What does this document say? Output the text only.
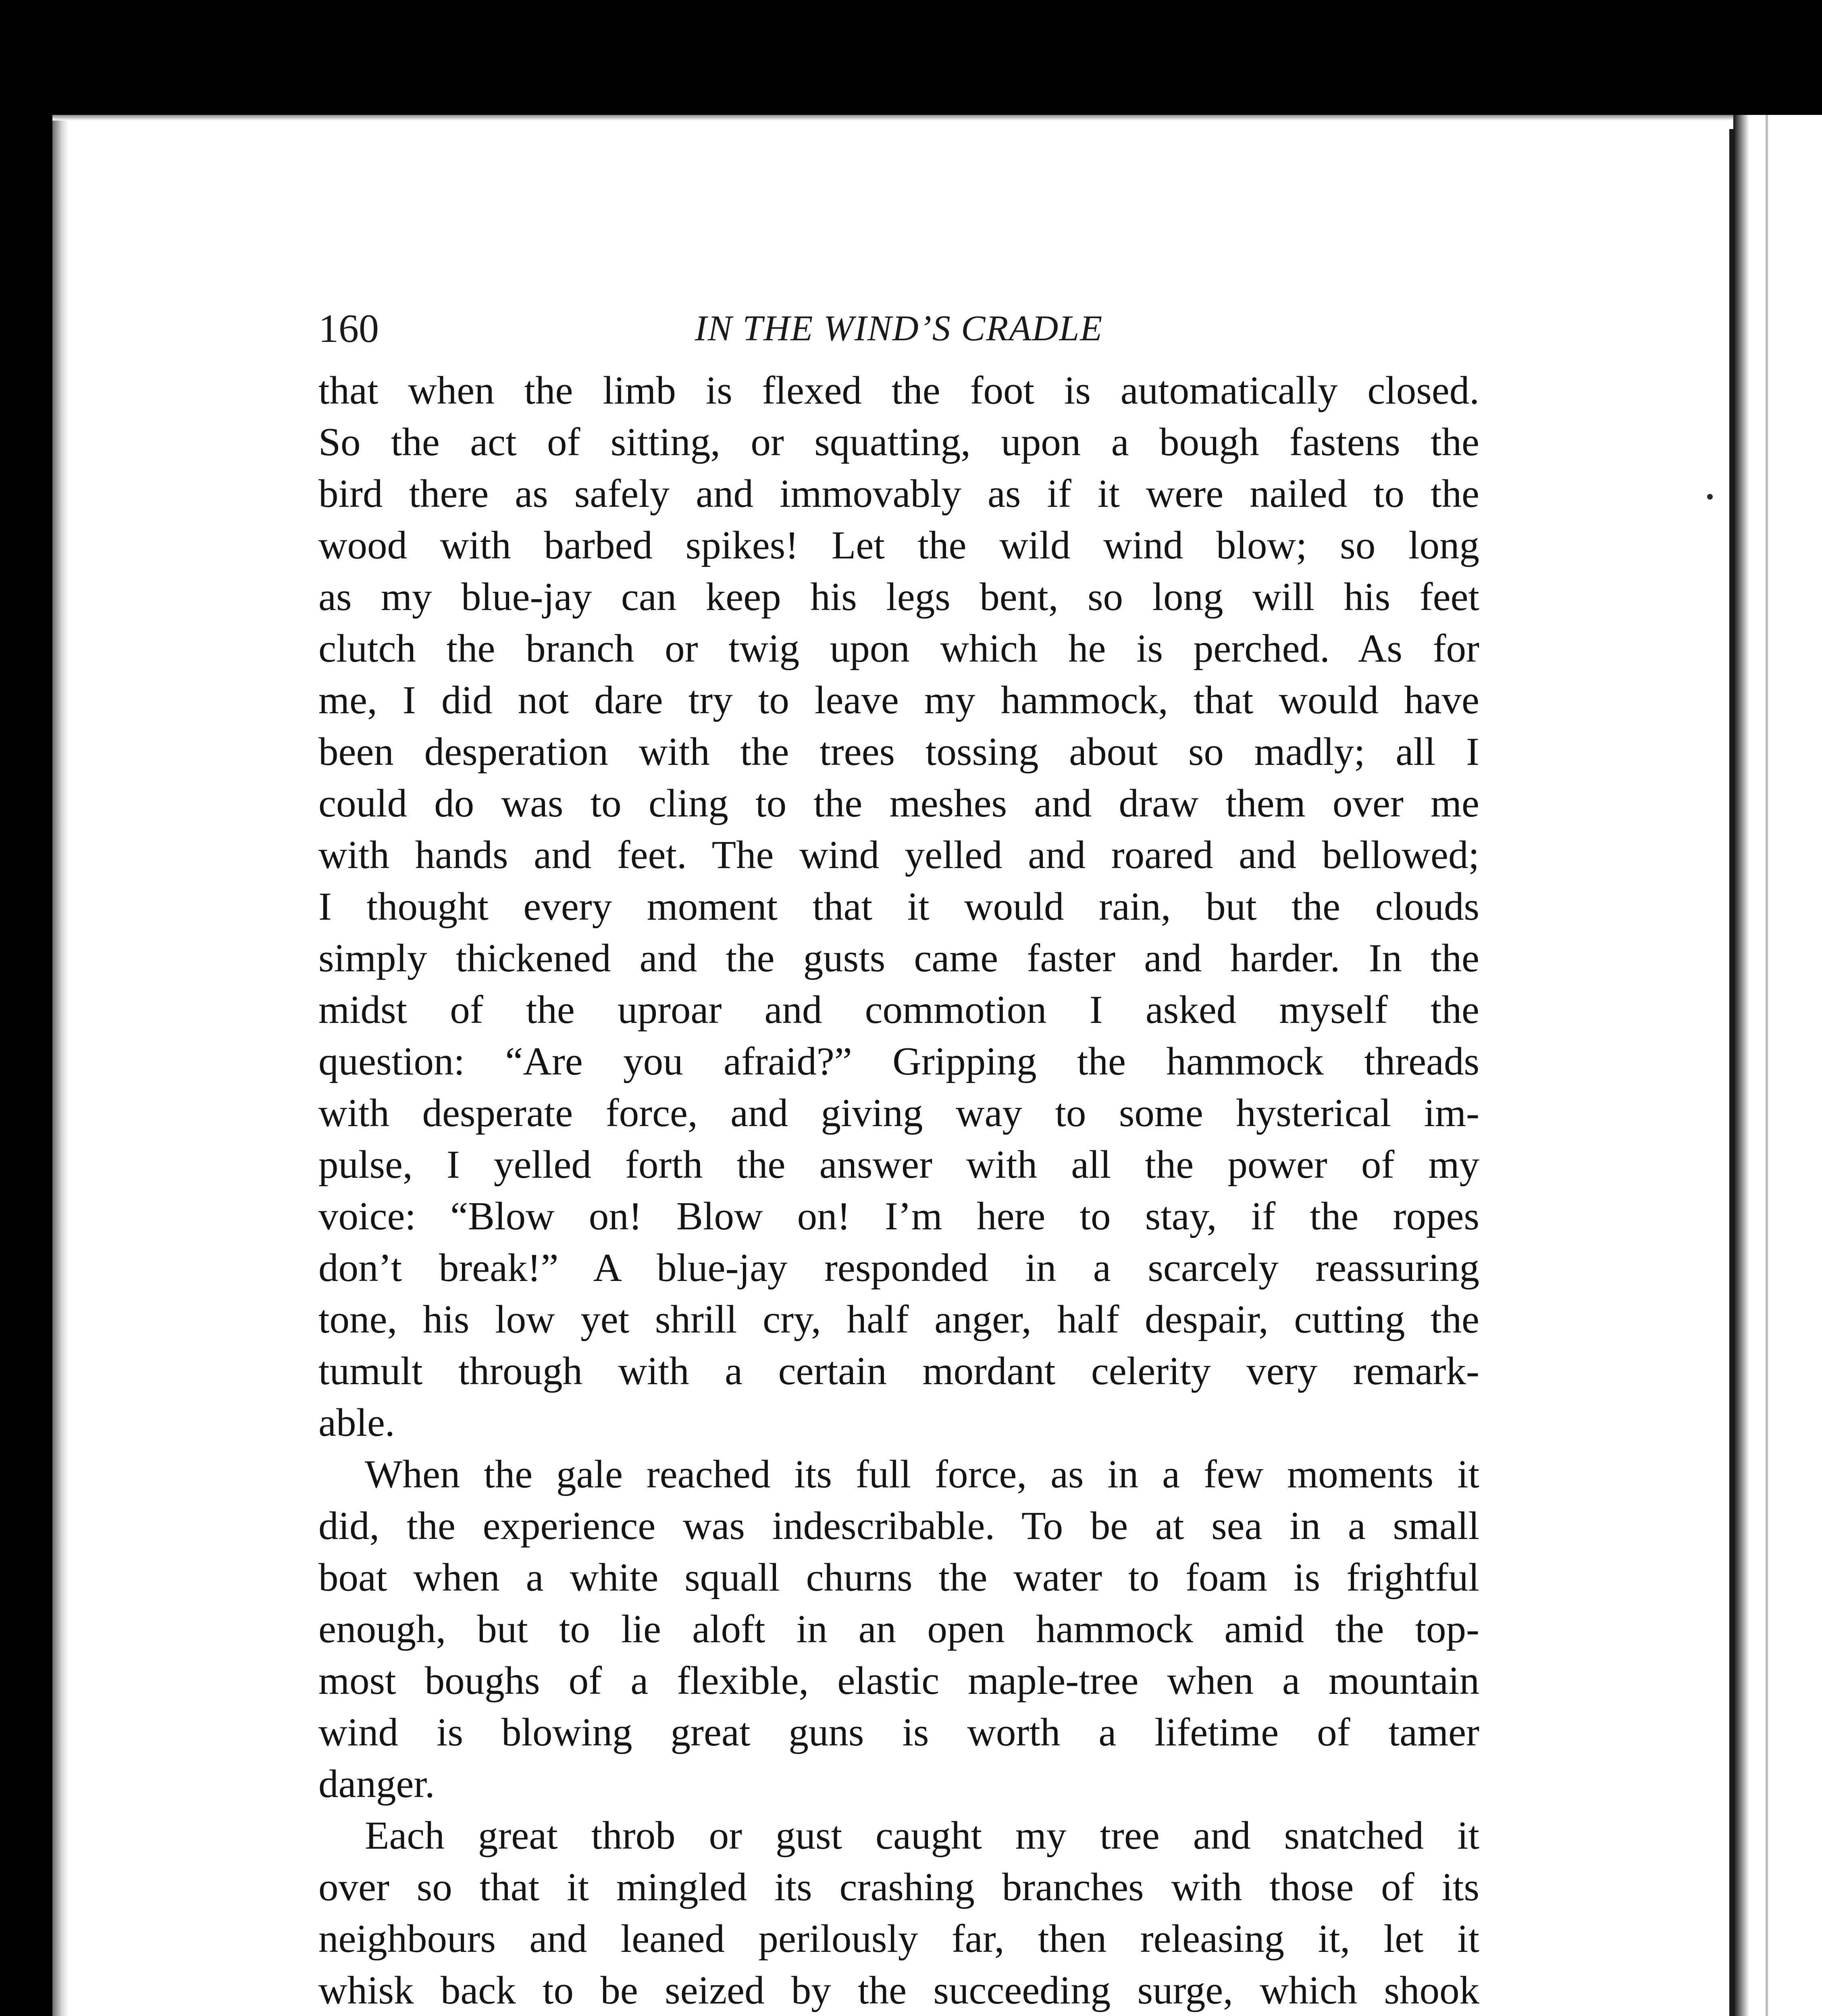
160	IN THE WIND’S CRADLE
that when the limb is flexed the foot is automatically closed.
So the act of sitting, or squatting, upon a bough fastens the
bird there as safely and immovably as if it were nailed to the
wood with barbed spikes! Let the wild wind blow; so long
as my blue-jay can keep his legs bent, so long will his feet
clutch the branch or twig upon which he is perched. As for
me, I did not dare try to leave my hammock, that would have
been desperation with the trees tossing about so madly; all I
could do was to cling to the meshes and draw them over me
with hands and feet. The wind yelled and roared and bellowed;
I thought every moment that it would rain, but the clouds
simply thickened and the gusts came faster and harder. In the
midst of the uproar and commotion I asked myself the
question: “Are you afraid?” Gripping the hammock threads
with desperate force, and giving way to some hysterical im-
pulse, I yelled forth the answer with all the power of my
voice: “Blow on! Blow on! I’m here to stay, if the ropes
don’t break!” A blue-jay responded in a scarcely reassuring
tone, his low yet shrill cry, half anger, half despair, cutting the
tumult through with a certain mordant celerity very remark-
able.
When the gale reached its full force, as in a few moments it
did, the experience was indescribable. To be at sea in a small
boat when a white squall churns the water to foam is frightful
enough, but to lie aloft in an open hammock amid the top-
most boughs of a flexible, elastic maple-tree when a mountain
wind is blowing great guns is worth a lifetime of tamer
danger.
Each great throb or gust caught my tree and snatched it
over so that it mingled its crashing branches with those of its
neighbours and leaned perilously far, then releasing it, let it
whisk back to be seized by the succeeding surge, which shook
